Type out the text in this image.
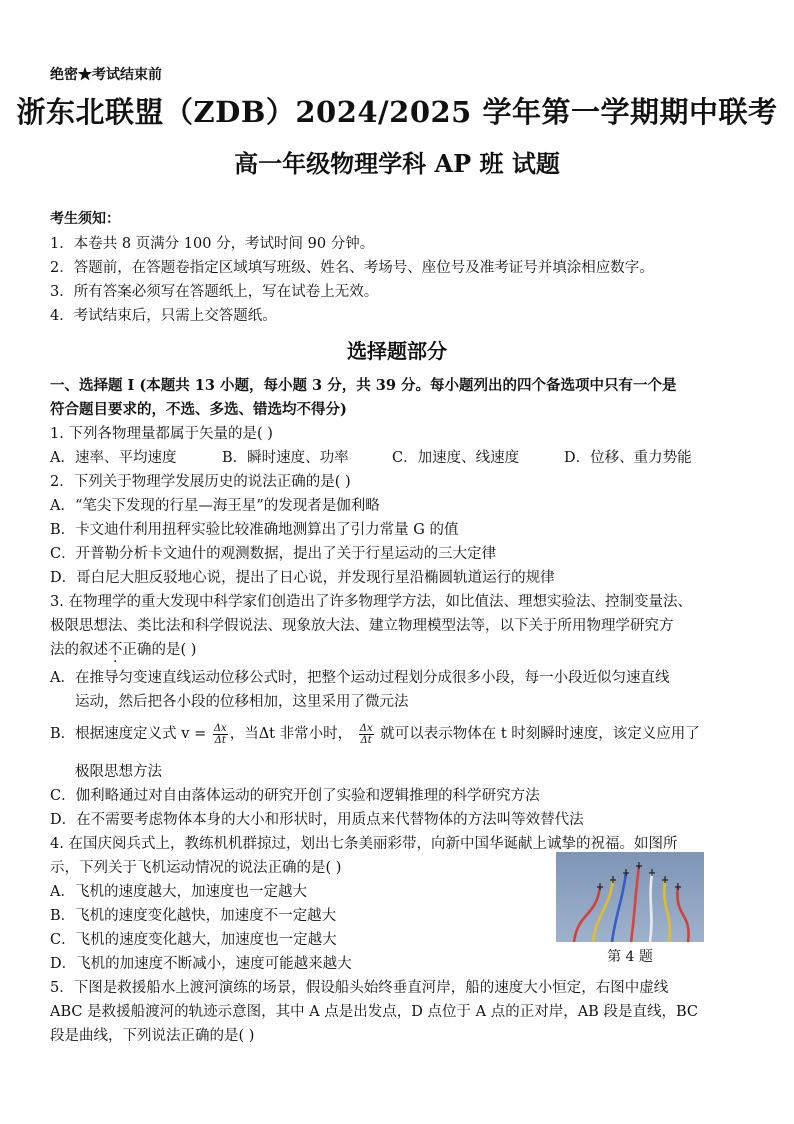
绝密★考试结束前
浙东北联盟（ZDB）2024/2025 学年第一学期期中联考
高一年级物理学科 AP 班 试题
考生须知：
1．本卷共 8 页满分 100 分，考试时间 90 分钟。
2．答题前，在答题卷指定区域填写班级、姓名、考场号、座位号及准考证号并填涂相应数字。
3．所有答案必须写在答题纸上，写在试卷上无效。
4．考试结束后，只需上交答题纸。
选择题部分
一、选择题 I (本题共 13 小题，每小题 3 分，共 39 分。每小题列出的四个备选项中只有一个是
符合题目要求的，不选、多选、错选均不得分)
1. 下列各物理量都属于矢量的是( )
A．速率、平均速度	B．瞬时速度、功率	C．加速度、线速度	D．位移、重力势能
2．下列关于物理学发展历史的说法正确的是( )
A．“笔尖下发现的行星—海王星”的发现者是伽利略
B．卡文迪什利用扭秤实验比较准确地测算出了引力常量 G 的值
C．开普勒分析卡文迪什的观测数据，提出了关于行星运动的三大定律
D．哥白尼大胆反驳地心说，提出了日心说，并发现行星沿椭圆轨道运行的规律
3. 在物理学的重大发现中科学家们创造出了许多物理学方法，如比值法、理想实验法、控制变量法、
极限思想法、类比法和科学假说法、现象放大法、建立物理模型法等，以下关于所用物理学研究方
法的叙述不正确的是( )
A．在推导匀变速直线运动位移公式时，把整个运动过程划分成很多小段，每一小段近似匀速直线
运动，然后把各小段的位移相加，这里采用了微元法
B．根据速度定义式 $v = \frac{\Delta x}{\Delta t}$ ，当Δt 非常小时， $\frac{\Delta x}{\Delta t}$ 就可以表示物体在 t 时刻瞬时速度，该定义应用了
极限思想方法
C．伽利略通过对自由落体运动的研究开创了实验和逻辑推理的科学研究方法
D．在不需要考虑物体本身的大小和形状时，用质点来代替物体的方法叫等效替代法
4. 在国庆阅兵式上，教练机机群掠过，划出七条美丽彩带，向新中国华诞献上诚挚的祝福。如图所
示，下列关于飞机运动情况的说法正确的是( )
A．飞机的速度越大，加速度也一定越大
B．飞机的速度变化越快，加速度不一定越大
C．飞机的速度变化越大，加速度也一定越大
D．飞机的加速度不断减小，速度可能越来越大	第 4 题
5．下图是救援船水上渡河演练的场景，假设船头始终垂直河岸，船的速度大小恒定，右图中虚线
ABC 是救援船渡河的轨迹示意图，其中 A 点是出发点，D 点位于 A 点的正对岸，AB 段是直线，BC
段是曲线，下列说法正确的是( )
